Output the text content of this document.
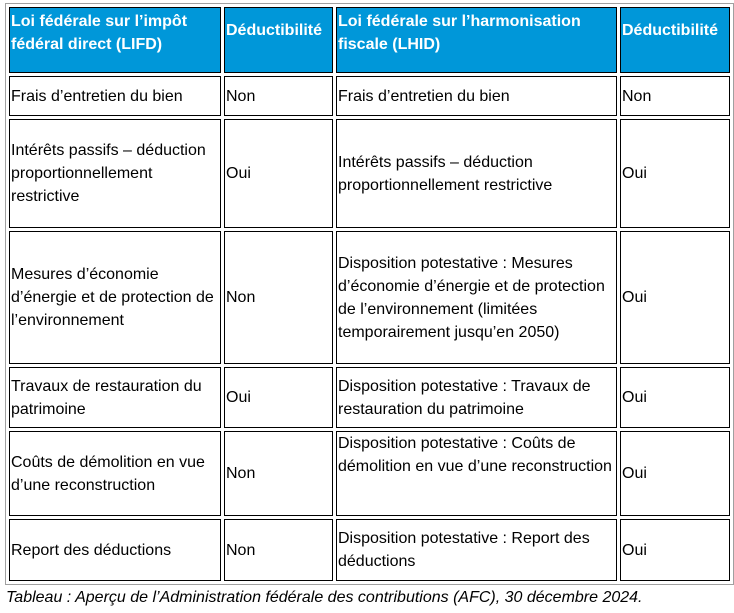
Loi fédérale sur l’impôt fédéral direct (LIFD)	Déductibilité	Loi fédérale sur l’harmonisation fiscale (LHID)	Déductibilité
Frais d’entretien du bien	Non	Frais d’entretien du bien	Non
Intérêts passifs – déduction proportionnellement restrictive	Oui	Intérêts passifs – déduction proportionnellement restrictive	Oui
Mesures d’économie d’énergie et de protection de l’environnement	Non	Disposition potestative : Mesures d’économie d’énergie et de protection de l’environnement (limitées temporairement jusqu’en 2050)	Oui
Travaux de restauration du patrimoine	Oui	Disposition potestative : Travaux de restauration du patrimoine	Oui
Coûts de démolition en vue d’une reconstruction	Non	Disposition potestative : Coûts de démolition en vue d’une reconstruction	Oui
Report des déductions	Non	Disposition potestative : Report des déductions	Oui
Tableau : Aperçu de l’Administration fédérale des contributions (AFC), 30 décembre 2024.
